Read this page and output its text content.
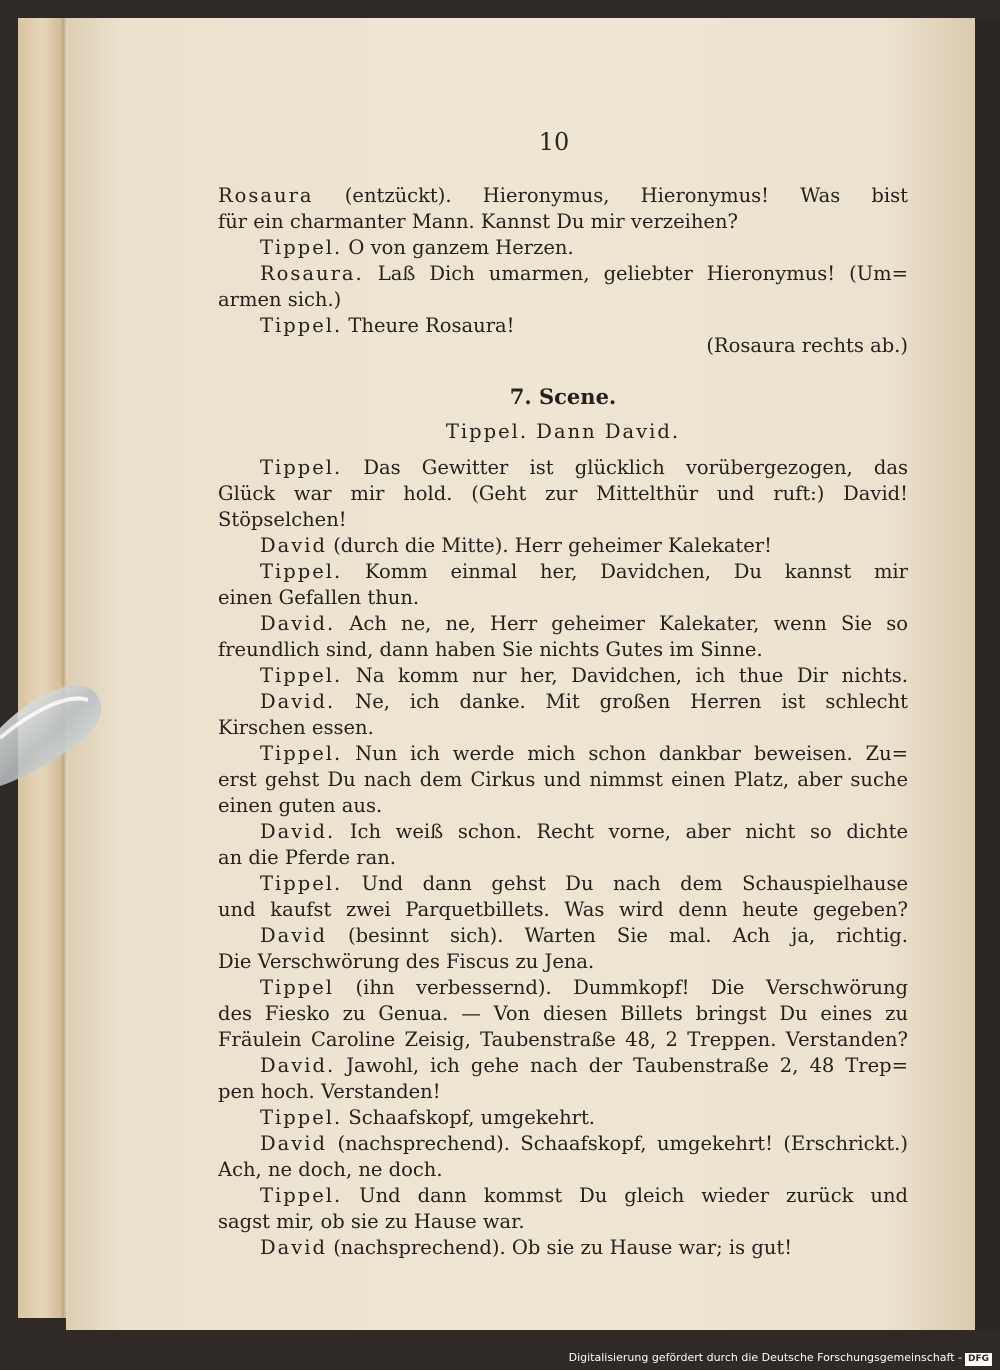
10
Rosaura (entzückt). Hieronymus, Hieronymus! Was bist
für ein charmanter Mann. Kannst Du mir verzeihen?
Tippel. O von ganzem Herzen.
Rosaura. Laß Dich umarmen, geliebter Hieronymus! (Um=
armen sich.)
Tippel. Theure Rosaura!
(Rosaura rechts ab.)
7. Scene.
Tippel. Dann David.
Tippel. Das Gewitter ist glücklich vorübergezogen, das
Glück war mir hold. (Geht zur Mittelthür und ruft:) David!
Stöpselchen!
David (durch die Mitte). Herr geheimer Kalekater!
Tippel. Komm einmal her, Davidchen, Du kannst mir
einen Gefallen thun.
David. Ach ne, ne, Herr geheimer Kalekater, wenn Sie so
freundlich sind, dann haben Sie nichts Gutes im Sinne.
Tippel. Na komm nur her, Davidchen, ich thue Dir nichts.
David. Ne, ich danke. Mit großen Herren ist schlecht
Kirschen essen.
Tippel. Nun ich werde mich schon dankbar beweisen. Zu=
erst gehst Du nach dem Cirkus und nimmst einen Platz, aber suche
einen guten aus.
David. Ich weiß schon. Recht vorne, aber nicht so dichte
an die Pferde ran.
Tippel. Und dann gehst Du nach dem Schauspielhause
und kaufst zwei Parquetbillets. Was wird denn heute gegeben?
David (besinnt sich). Warten Sie mal. Ach ja, richtig.
Die Verschwörung des Fiscus zu Jena.
Tippel (ihn verbessernd). Dummkopf! Die Verschwörung
des Fiesko zu Genua. — Von diesen Billets bringst Du eines zu
Fräulein Caroline Zeisig, Taubenstraße 48, 2 Treppen. Verstanden?
David. Jawohl, ich gehe nach der Taubenstraße 2, 48 Trep=
pen hoch. Verstanden!
Tippel. Schaafskopf, umgekehrt.
David (nachsprechend). Schaafskopf, umgekehrt! (Erschrickt.)
Ach, ne doch, ne doch.
Tippel. Und dann kommst Du gleich wieder zurück und
sagst mir, ob sie zu Hause war.
David (nachsprechend). Ob sie zu Hause war; is gut!
Digitalisierung gefördert durch die Deutsche Forschungsgemeinschaft - DFG
